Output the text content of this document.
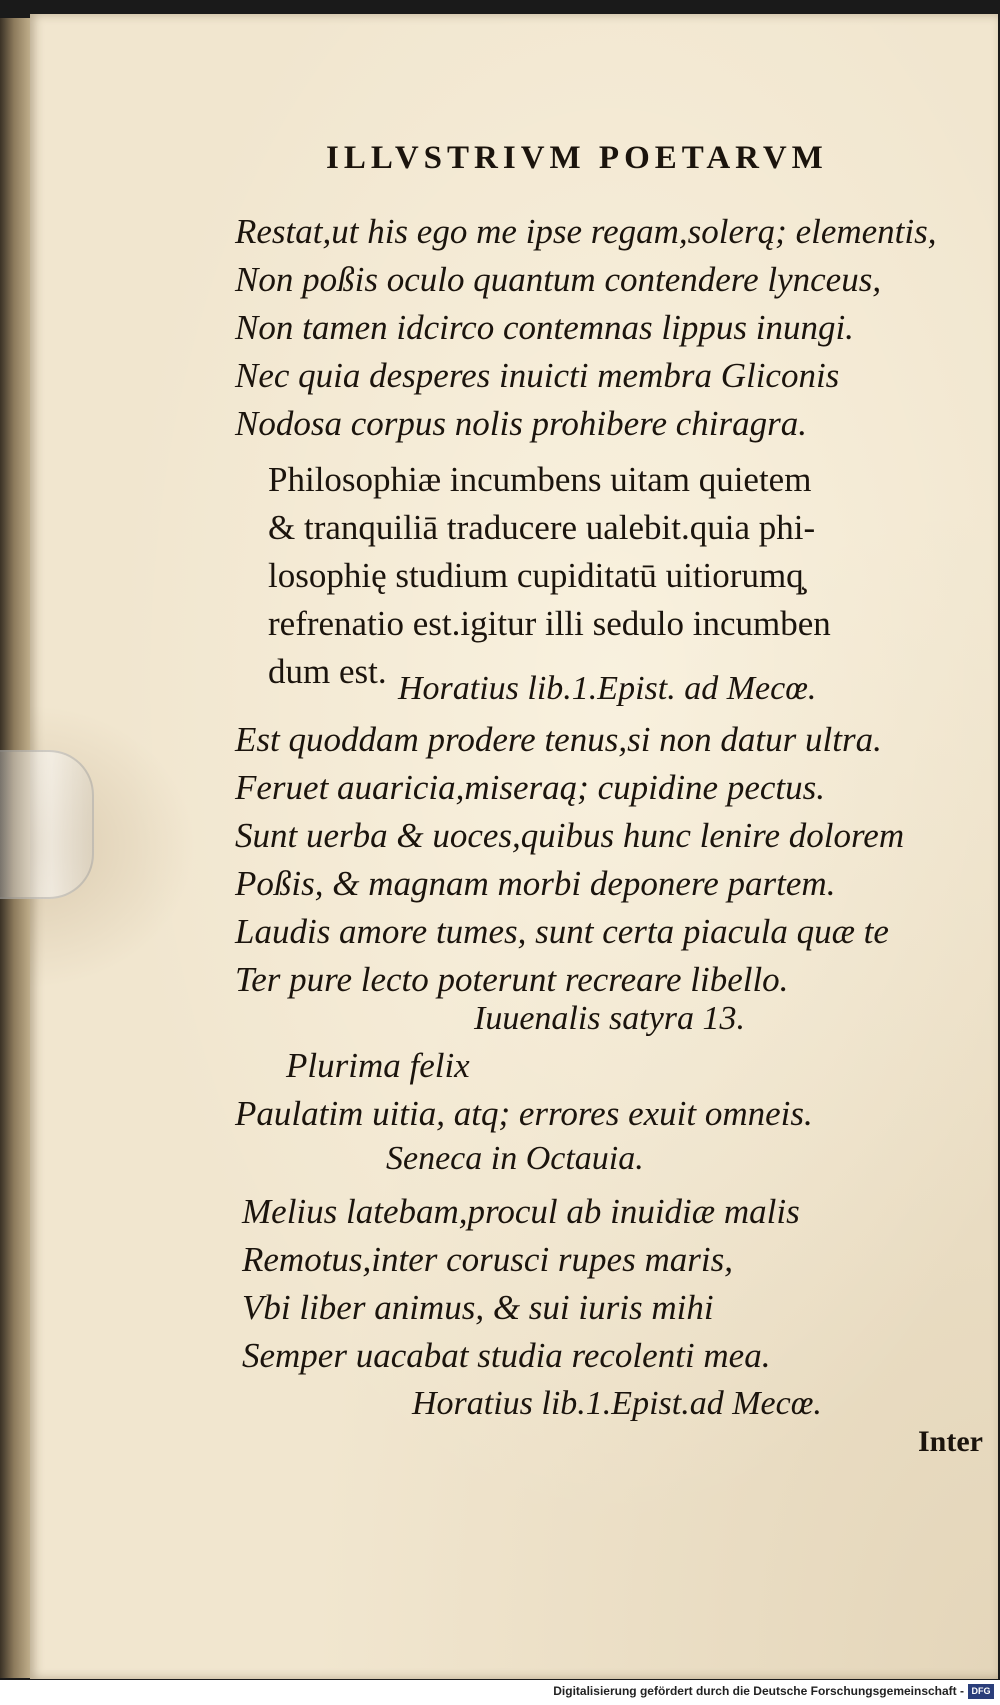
ILLVSTRIVM POETARVM

Restat,ut his ego me ipse regam,solerą; elementis,

Non poßis oculo quantum contendere lynceus,

Non tamen idcirco contemnas lippus inungi.

Nec quia desperes inuicti membra Gliconis

Nodosa corpus nolis prohibere chiragra.

Philosophiæ incumbens uitam quietem

& tranquiliā traducere ualebit.quia phi-

losophię studium cupiditatū uitiorumq̧

refrenatio est.igitur illi sedulo incumben

dum est. Horatius lib.1.Epist. ad Mecœ.

Est quoddam prodere tenus,si non datur ultra.

Feruet auaricia,miseraą; cupidine pectus.

Sunt uerba & uoces,quibus hunc lenire dolorem

Poßis, & magnam morbi deponere partem.

Laudis amore tumes, sunt certa piacula quæ te

Ter pure lecto poterunt recreare libello.

Iuuenalis satyra 13.

Plurima felix

Paulatim uitia, atq; errores exuit omneis.

Seneca in Octauia.

Melius latebam,procul ab inuidiæ malis

Remotus,inter corusci rupes maris,

Vbi liber animus, & sui iuris mihi

Semper uacabat studia recolenti mea.

Horatius lib.1.Epist.ad Mecœ.

Inter

Digitalisierung gefördert durch die Deutsche Forschungsgemeinschaft - DFG
